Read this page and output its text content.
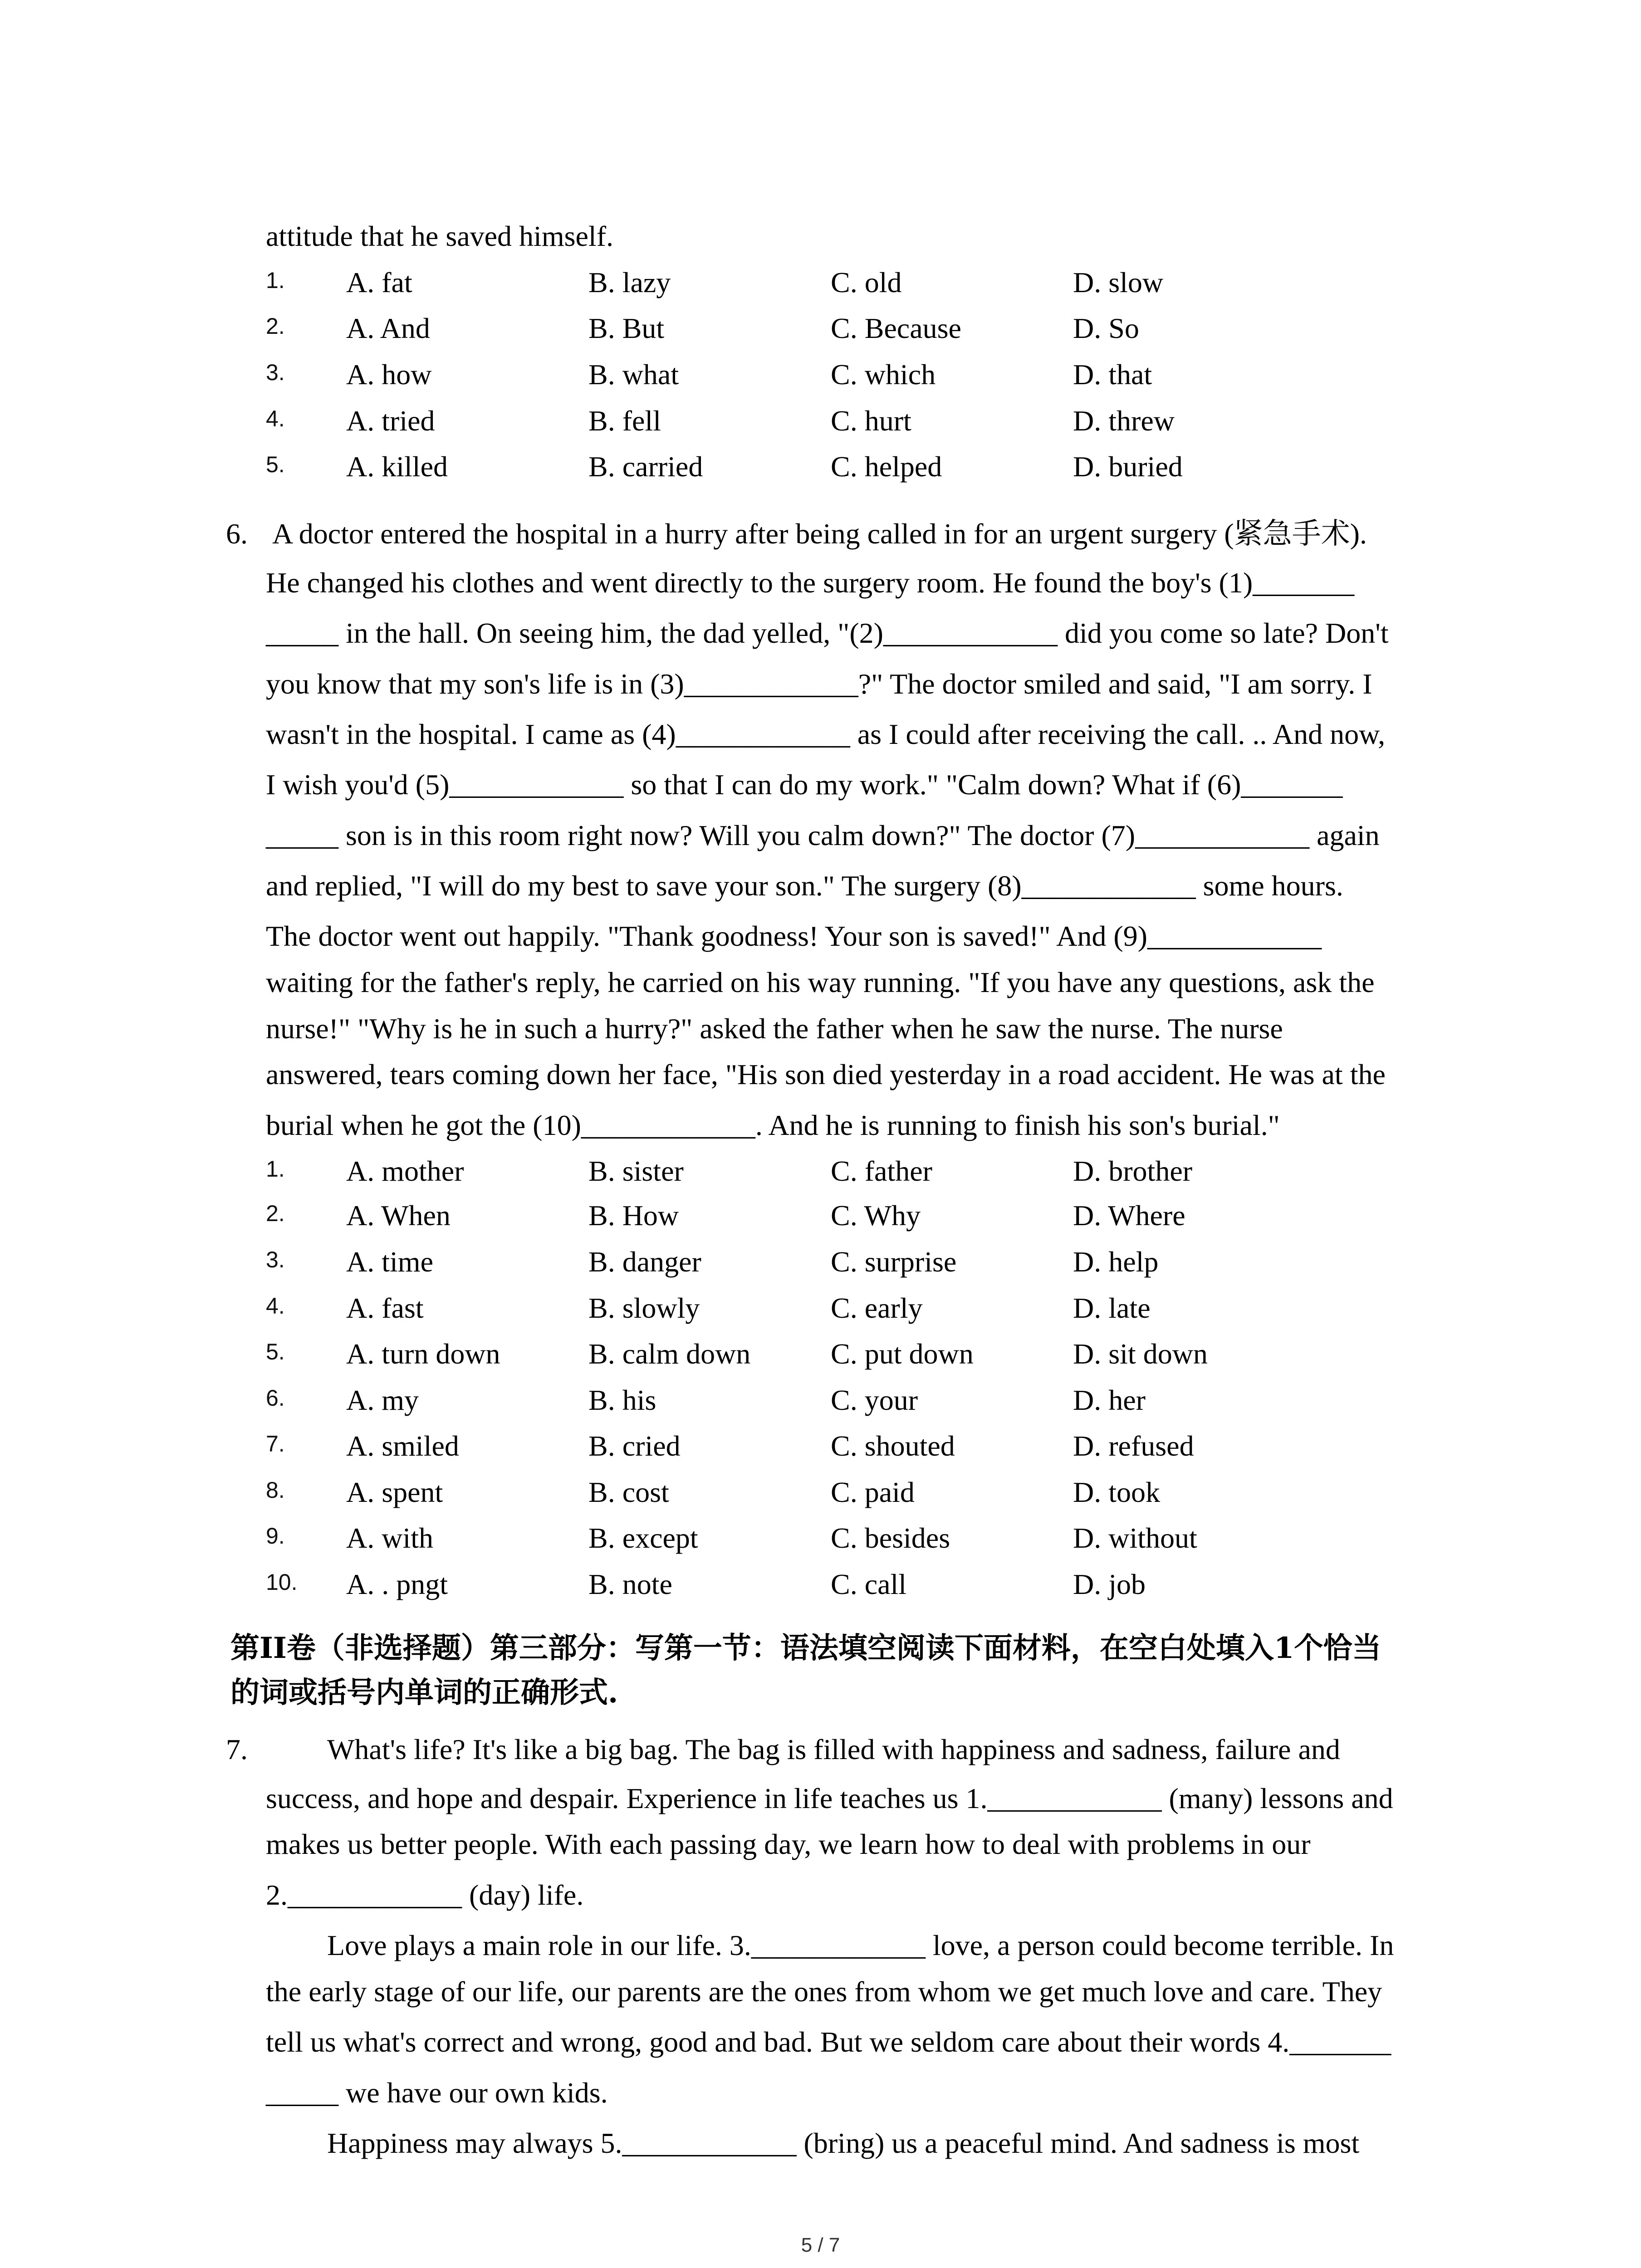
attitude that he saved himself.
1. A. fat	B. lazy	C. old	D. slow
2. A. And	B. But	C. Because	D. So
3. A. how	B. what	C. which	D. that
4. A. tried	B. fell	C. hurt	D. threw
5. A. killed	B. carried	C. helped	D. buried
6. A doctor entered the hospital in a hurry after being called in for an urgent surgery (紧急手术).
He changed his clothes and went directly to the surgery room. He found the boy's (1)_______
_____ in the hall. On seeing him, the dad yelled, "(2)____________ did you come so late? Don't
you know that my son's life is in (3)____________?" The doctor smiled and said, "I am sorry. I
wasn't in the hospital. I came as (4)____________ as I could after receiving the call. .. And now,
I wish you'd (5)____________ so that I can do my work." "Calm down? What if (6)_______
_____ son is in this room right now? Will you calm down?" The doctor (7)____________ again
and replied, "I will do my best to save your son." The surgery (8)____________ some hours.
The doctor went out happily. "Thank goodness! Your son is saved!" And (9)____________
waiting for the father's reply, he carried on his way running. "If you have any questions, ask the
nurse!" "Why is he in such a hurry?" asked the father when he saw the nurse. The nurse
answered, tears coming down her face, "His son died yesterday in a road accident. He was at the
burial when he got the (10)____________. And he is running to finish his son's burial."
1. A. mother	B. sister	C. father	D. brother
2. A. When	B. How	C. Why	D. Where
3. A. time	B. danger	C. surprise	D. help
4. A. fast	B. slowly	C. early	D. late
5. A. turn down	B. calm down	C. put down	D. sit down
6. A. my	B. his	C. your	D. her
7. A. smiled	B. cried	C. shouted	D. refused
8. A. spent	B. cost	C. paid	D. took
9. A. with	B. except	C. besides	D. without
10. A. . pngt	B. note	C. call	D. job
第II卷（非选择题）第三部分：写第一节：语法填空阅读下面材料，在空白处填入1个恰当
的词或括号内单词的正确形式.
7.	What's life? It's like a big bag. The bag is filled with happiness and sadness, failure and
success, and hope and despair. Experience in life teaches us 1.____________ (many) lessons and
makes us better people. With each passing day, we learn how to deal with problems in our
2.____________ (day) life.
Love plays a main role in our life. 3.____________ love, a person could become terrible. In
the early stage of our life, our parents are the ones from whom we get much love and care. They
tell us what's correct and wrong, good and bad. But we seldom care about their words 4._______
_____ we have our own kids.
Happiness may always 5.____________ (bring) us a peaceful mind. And sadness is most
5 / 7
